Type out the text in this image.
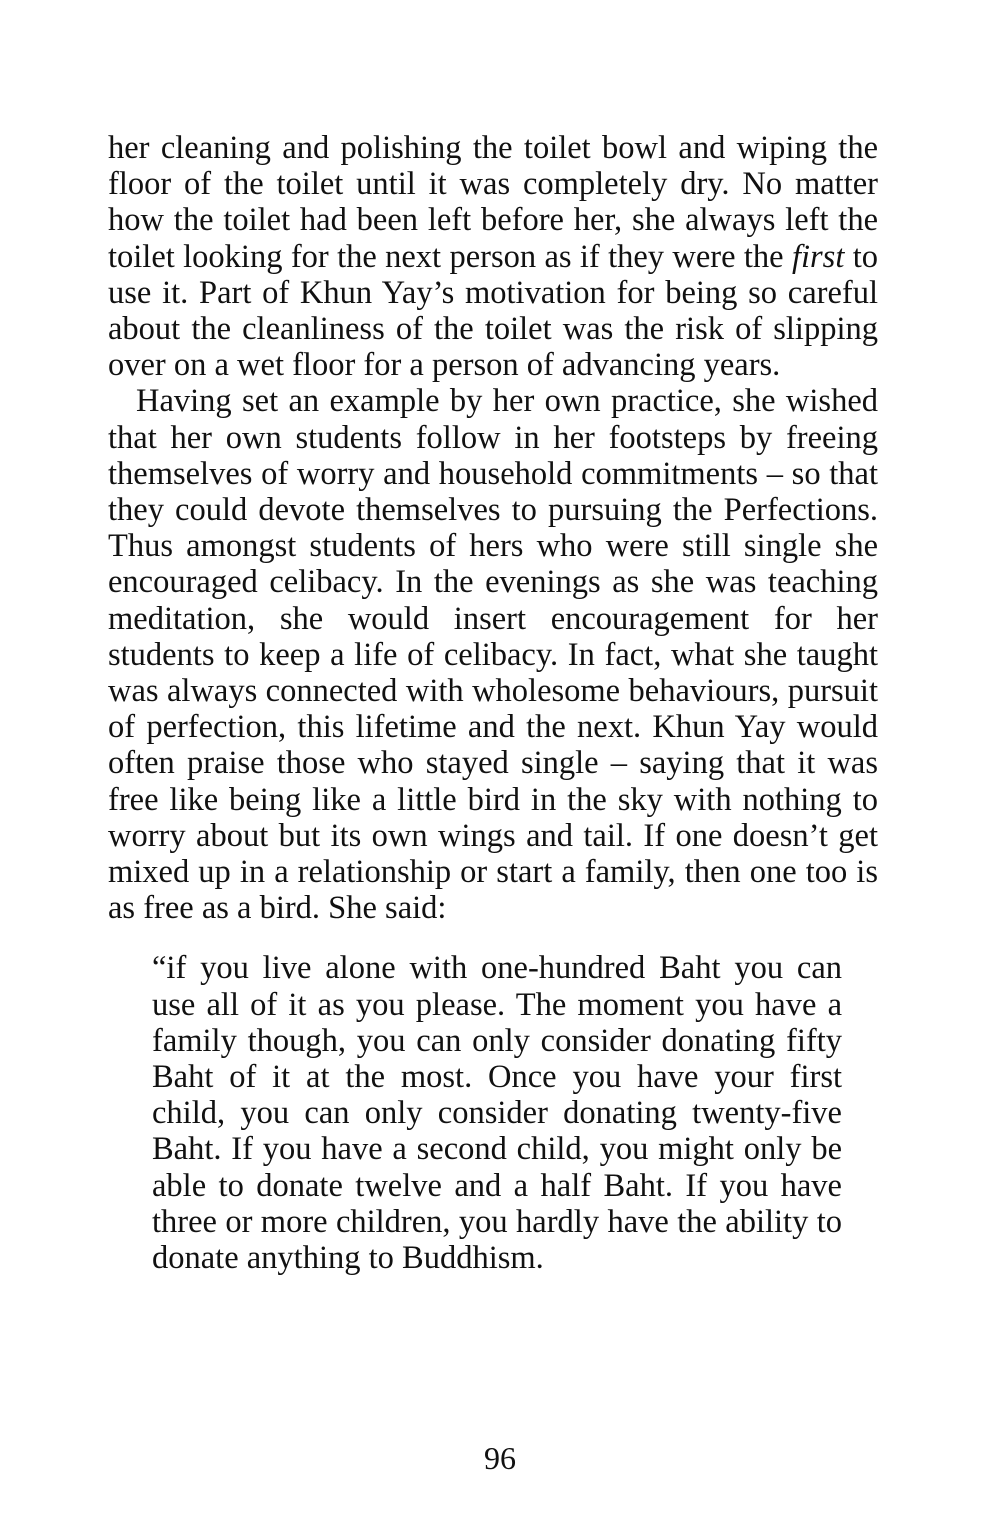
her cleaning and polishing the toilet bowl and wiping the floor of the toilet until it was completely dry. No matter how the toilet had been left before her, she always left the toilet looking for the next person as if they were the first to use it. Part of Khun Yay’s motivation for being so careful about the cleanliness of the toilet was the risk of slipping over on a wet floor for a person of advancing years.

Having set an example by her own practice, she wished that her own students follow in her footsteps by freeing themselves of worry and household commitments – so that they could devote themselves to pursuing the Perfections. Thus amongst students of hers who were still single she encouraged celibacy. In the evenings as she was teaching meditation, she would insert encouragement for her students to keep a life of celibacy. In fact, what she taught was always connected with wholesome behaviours, pursuit of perfection, this lifetime and the next. Khun Yay would often praise those who stayed single – saying that it was free like being like a little bird in the sky with nothing to worry about but its own wings and tail. If one doesn’t get mixed up in a relationship or start a family, then one too is as free as a bird. She said:

“if you live alone with one-hundred Baht you can use all of it as you please. The moment you have a family though, you can only consider donating fifty Baht of it at the most. Once you have your first child, you can only consider donating twenty-five Baht. If you have a second child, you might only be able to donate twelve and a half Baht. If you have three or more children, you hardly have the ability to donate anything to Buddhism.

96
